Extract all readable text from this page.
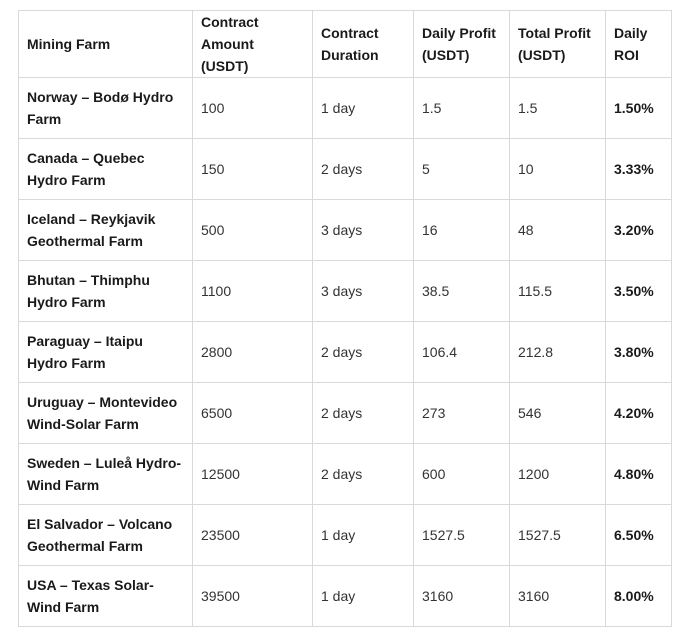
Mining Farm	Contract Amount (USDT)	Contract Duration	Daily Profit (USDT)	Total Profit (USDT)	Daily ROI
Norway – Bodø Hydro Farm	100	1 day	1.5	1.5	1.50%
Canada – Quebec Hydro Farm	150	2 days	5	10	3.33%
Iceland – Reykjavik Geothermal Farm	500	3 days	16	48	3.20%
Bhutan – Thimphu Hydro Farm	1100	3 days	38.5	115.5	3.50%
Paraguay – Itaipu Hydro Farm	2800	2 days	106.4	212.8	3.80%
Uruguay – Montevideo Wind-Solar Farm	6500	2 days	273	546	4.20%
Sweden – Luleå Hydro-Wind Farm	12500	2 days	600	1200	4.80%
El Salvador – Volcano Geothermal Farm	23500	1 day	1527.5	1527.5	6.50%
USA – Texas Solar-Wind Farm	39500	1 day	3160	3160	8.00%
